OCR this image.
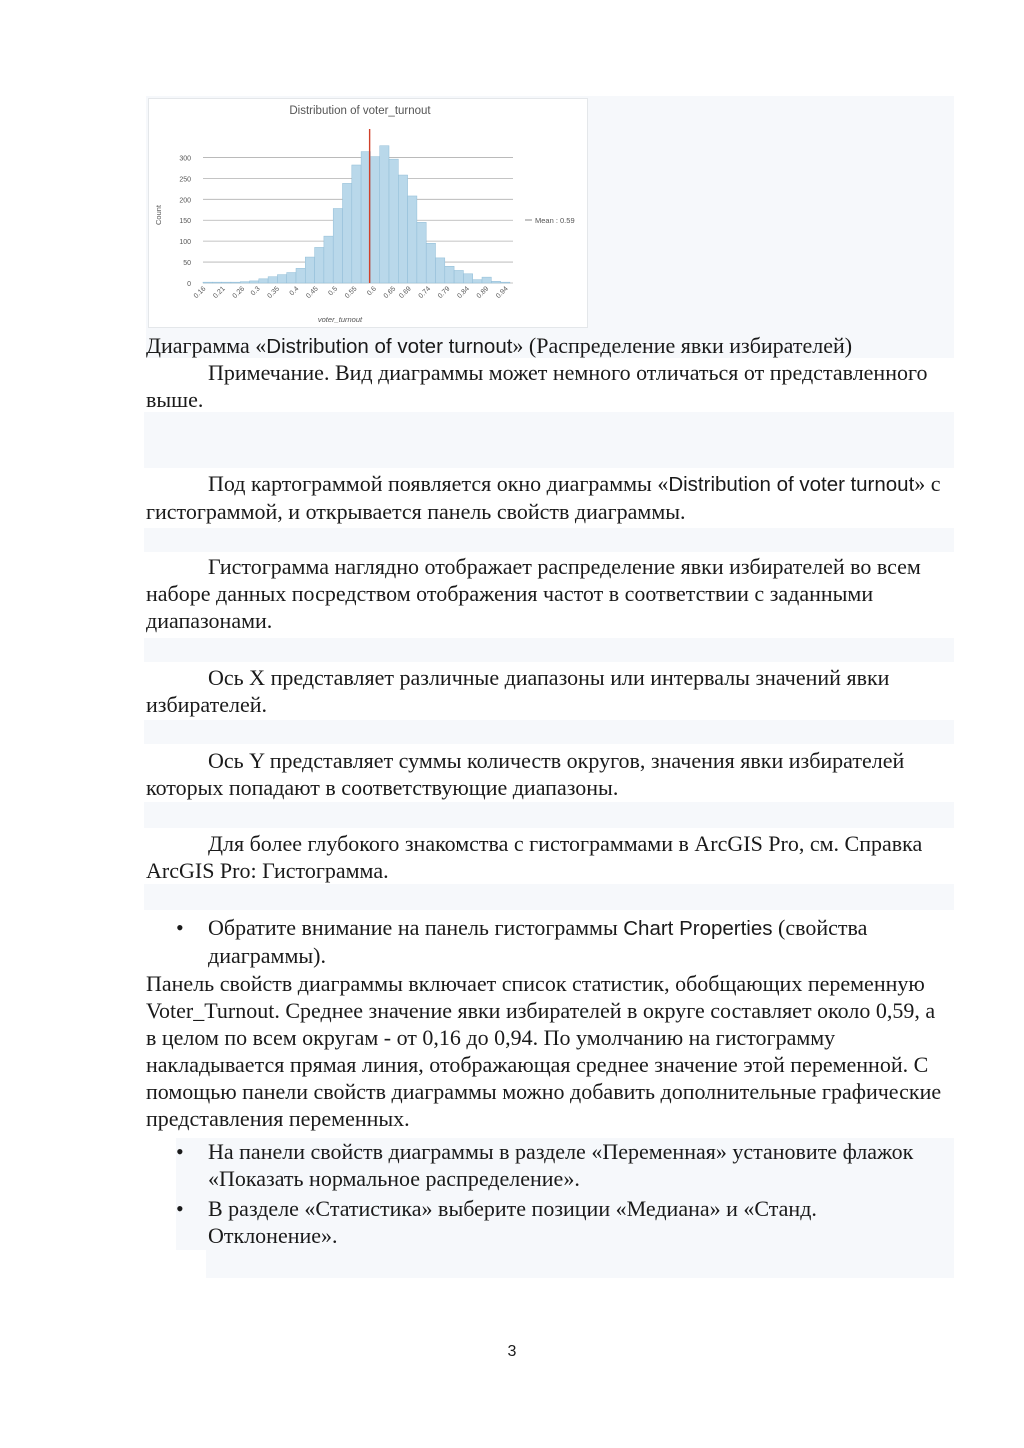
Distribution of voter_turnout
0
50
100
150
200
250
300
0.16 0.21 0.26 0.3 0.35 0.4 0.45 0.5 0.55 0.6 0.65 0.69 0.74 0.79 0.84 0.89 0.94
voter_turnout
Count	Mean : 0.59

Диаграмма «Distribution of voter turnout» (Распределение явки избирателей)

Примечание. Вид диаграммы может немного отличаться от представленного выше.

Под картограммой появляется окно диаграммы «Distribution of voter turnout» с гистограммой, и открывается панель свойств диаграммы.

Гистограмма наглядно отображает распределение явки избирателей во всем наборе данных посредством отображения частот в соответствии с заданными диапазонами.

Ось X представляет различные диапазоны или интервалы значений явки избирателей.

Ось Y представляет суммы количеств округов, значения явки избирателей которых попадают в соответствующие диапазоны.

Для более глубокого знакомства с гистограммами в ArcGIS Pro, см. Справка ArcGIS Pro: Гистограмма.

•	Обратите внимание на панель гистограммы Chart Properties (свойства диаграммы).

Панель свойств диаграммы включает список статистик, обобщающих переменную Voter_Turnout. Среднее значение явки избирателей в округе составляет около 0,59, а в целом по всем округам - от 0,16 до 0,94. По умолчанию на гистограмму накладывается прямая линия, отображающая среднее значение этой переменной. С помощью панели свойств диаграммы можно добавить дополнительные графические представления переменных.

•	На панели свойств диаграммы в разделе «Переменная» установите флажок «Показать нормальное распределение».
•	В разделе «Статистика» выберите позиции «Медиана» и «Станд. Отклонение».
3
